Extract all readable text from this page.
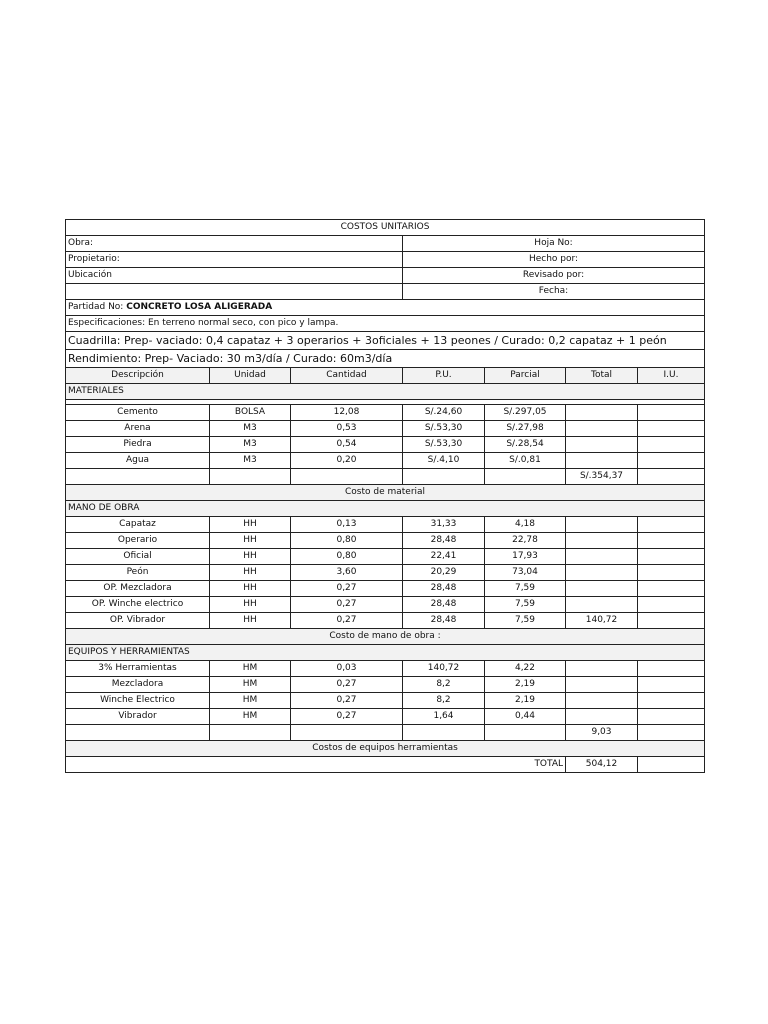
COSTOS UNITARIOS						
Obra:			Hoja No:			
Propietario:			Hecho por:			
Ubicación			Revisado por:			
			Fecha:			
Partidad No: CONCRETO LOSA ALIGERADA						
Especificaciones: En terreno normal seco, con pico y lampa.						
Cuadrilla: Prep- vaciado: 0,4 capataz + 3 operarios + 3oficiales + 13 peones / Curado: 0,2 capataz + 1 peón						
Rendimiento: Prep- Vaciado: 30 m3/día / Curado: 60m3/día						
Descripción	Unidad	Cantidad	P.U.	Parcial	Total	I.U.
MATERIALES						

Cemento	BOLSA	12,08	S/.24,60	S/.297,05		
Arena	M3	0,53	S/.53,30	S/.27,98		
Piedra	M3	0,54	S/.53,30	S/.28,54		
Agua	M3	0,20	S/.4,10	S/.0,81		
					S/.354,37	
Costo de material						
MANO DE OBRA						
Capataz	HH	0,13	31,33	4,18		
Operario	HH	0,80	28,48	22,78		
Oficial	HH	0,80	22,41	17,93		
Peón	HH	3,60	20,29	73,04		
OP. Mezcladora	HH	0,27	28,48	7,59		
OP. Winche electrico	HH	0,27	28,48	7,59		
OP. Vibrador	HH	0,27	28,48	7,59	140,72	
Costo de mano de obra :						
EQUIPOS Y HERRAMIENTAS						
3% Herramientas	HM	0,03	140,72	4,22		
Mezcladora	HM	0,27	8,2	2,19		
Winche Electrico	HM	0,27	8,2	2,19		
Vibrador	HM	0,27	1,64	0,44		
					9,03	
Costos de equipos herramientas						
TOTAL					504,12	
